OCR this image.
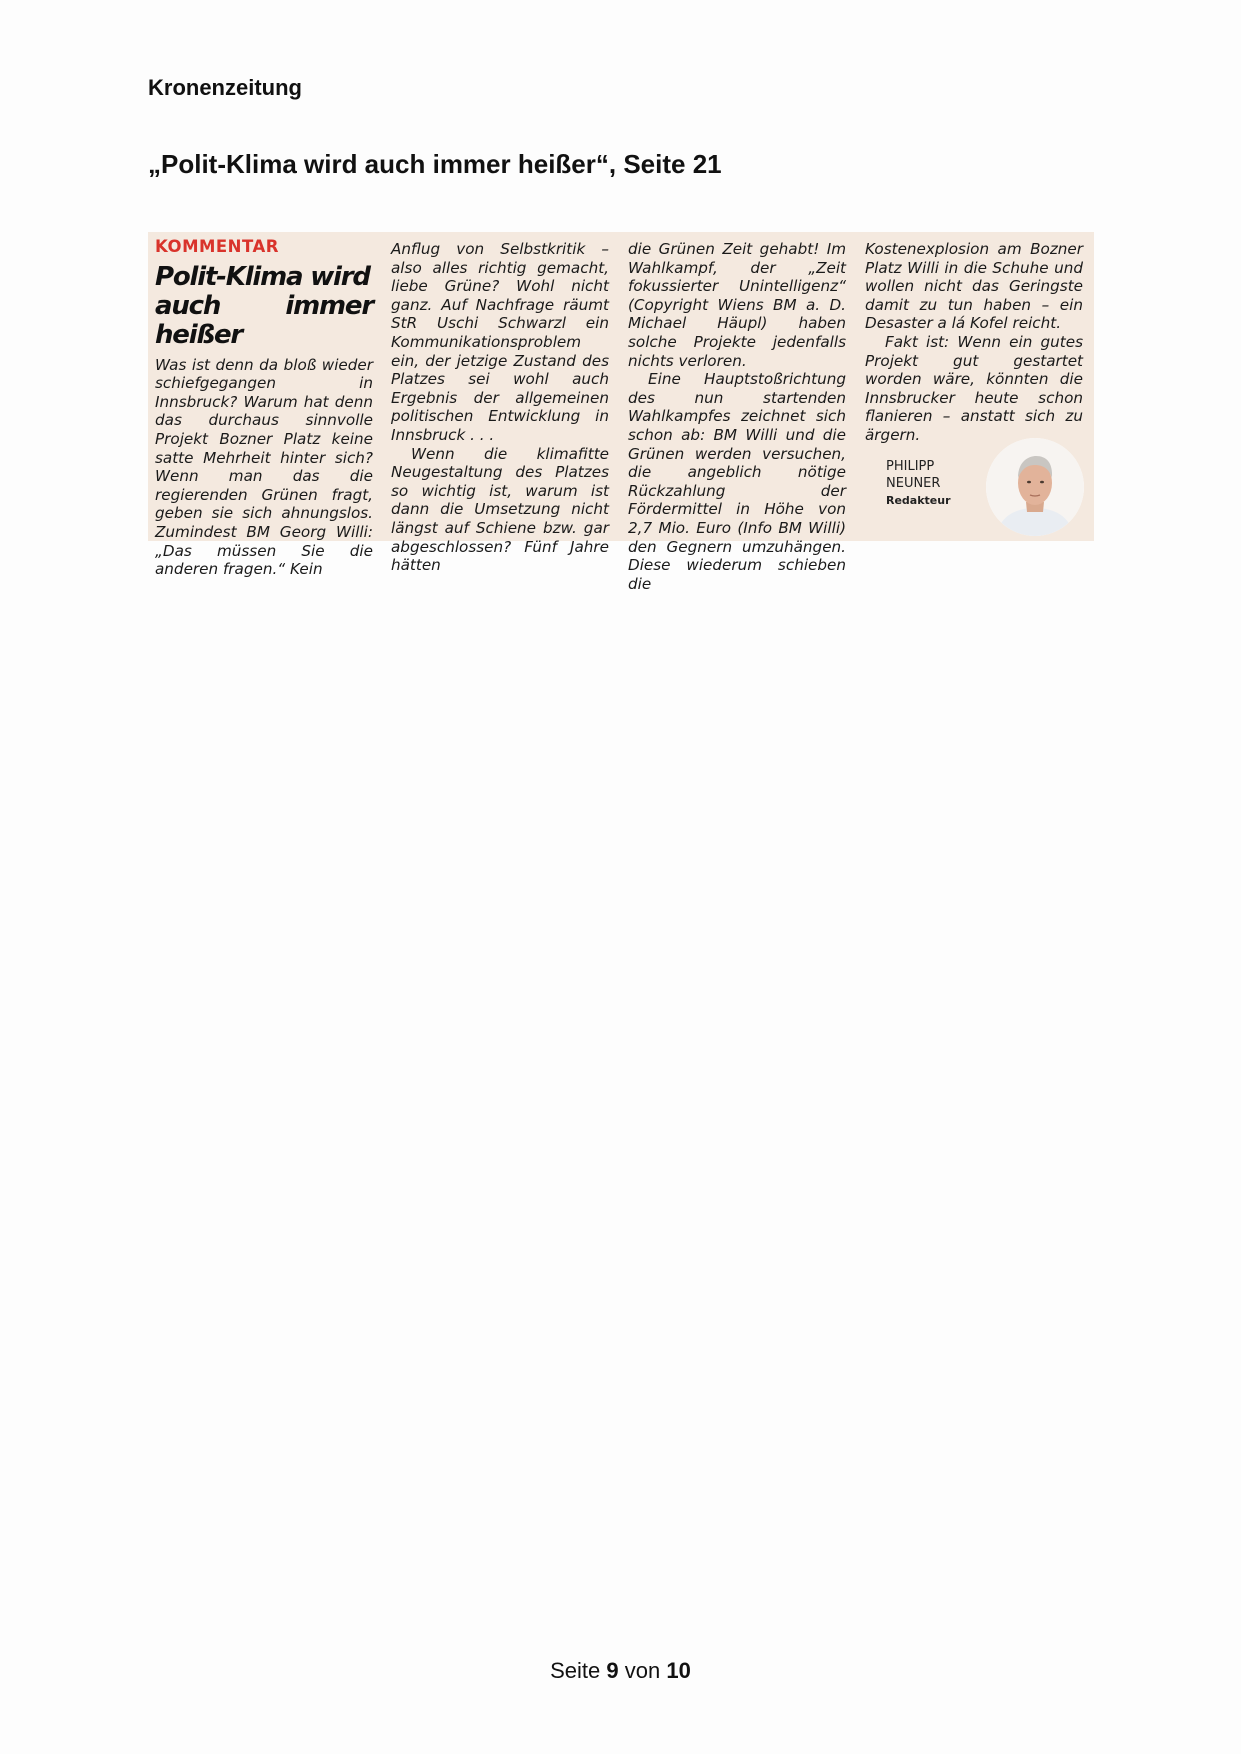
Kronenzeitung
„Polit-Klima wird auch immer heißer“, Seite 21
KOMMENTAR
Polit-Klima wird
auch immer heißer

Was ist denn da bloß wieder schiefgegangen in Innsbruck? Warum hat denn das durchaus sinnvolle Projekt Bozner Platz keine satte Mehrheit hinter sich? Wenn man das die regierenden Grünen fragt, geben sie sich ahnungslos. Zumindest BM Georg Willi: „Das müssen Sie die anderen fragen.“ Kein

Anflug von Selbstkritik – also alles richtig gemacht, liebe Grüne? Wohl nicht ganz. Auf Nachfrage räumt StR Uschi Schwarzl ein Kommunikationsproblem ein, der jetzige Zustand des Platzes sei wohl auch Ergebnis der allgemeinen politischen Entwicklung in Innsbruck . . .

Wenn die klimafitte Neugestaltung des Platzes so wichtig ist, warum ist dann die Umsetzung nicht längst auf Schiene bzw. gar abgeschlossen? Fünf Jahre hätten

die Grünen Zeit gehabt! Im Wahlkampf, der „Zeit fokussierter Unintelligenz“ (Copyright Wiens BM a. D. Michael Häupl) haben solche Projekte jedenfalls nichts verloren.

Eine Hauptstoßrichtung des nun startenden Wahlkampfes zeichnet sich schon ab: BM Willi und die Grünen werden versuchen, die angeblich nötige Rückzahlung der Fördermittel in Höhe von 2,7 Mio. Euro (Info BM Willi) den Gegnern umzuhängen. Diese wiederum schieben die

Kostenexplosion am Bozner Platz Willi in die Schuhe und wollen nicht das Geringste damit zu tun haben – ein Desaster a lá Kofel reicht.

Fakt ist: Wenn ein gutes Projekt gut gestartet worden wäre, könnten die Innsbrucker heute schon flanieren – anstatt sich zu ärgern.

PHILIPP
NEUNER
Redakteur
Seite 9 von 10
